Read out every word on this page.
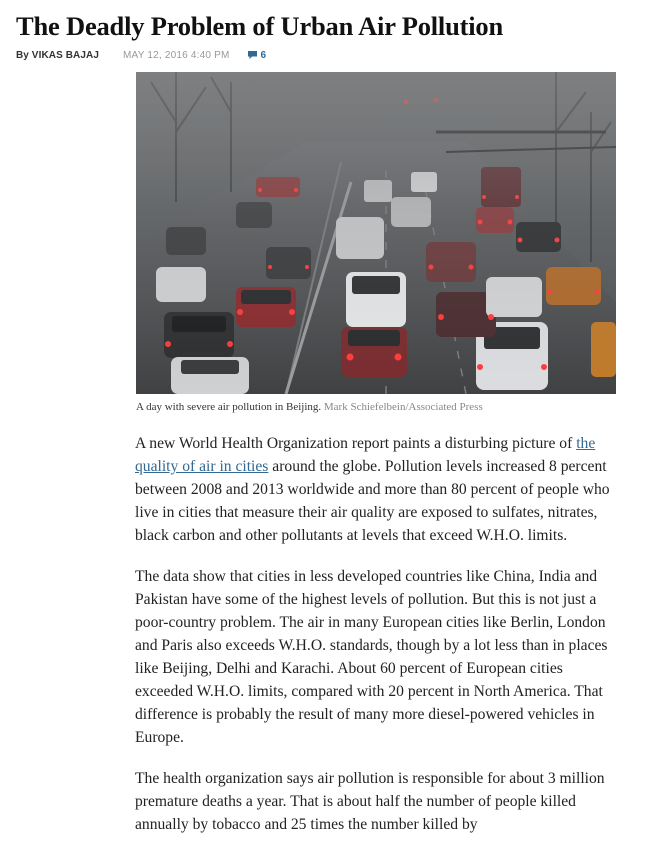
The Deadly Problem of Urban Air Pollution
By VIKAS BAJAJ MAY 12, 2016 4:40 PM	6
A day with severe air pollution in Beijing. Mark Schiefelbein/Associated Press

A new World Health Organization report paints a disturbing picture of the quality of air in cities around the globe. Pollution levels increased 8 percent between 2008 and 2013 worldwide and more than 80 percent of people who live in cities that measure their air quality are exposed to sulfates, nitrates, black carbon and other pollutants at levels that exceed W.H.O. limits.

The data show that cities in less developed countries like China, India and Pakistan have some of the highest levels of pollution. But this is not just a poor-country problem. The air in many European cities like Berlin, London and Paris also exceeds W.H.O. standards, though by a lot less than in places like Beijing, Delhi and Karachi. About 60 percent of European cities exceeded W.H.O. limits, compared with 20 percent in North America. That difference is probably the result of many more diesel-powered vehicles in Europe.

The health organization says air pollution is responsible for about 3 million premature deaths a year. That is about half the number of people killed annually by tobacco and 25 times the number killed by
